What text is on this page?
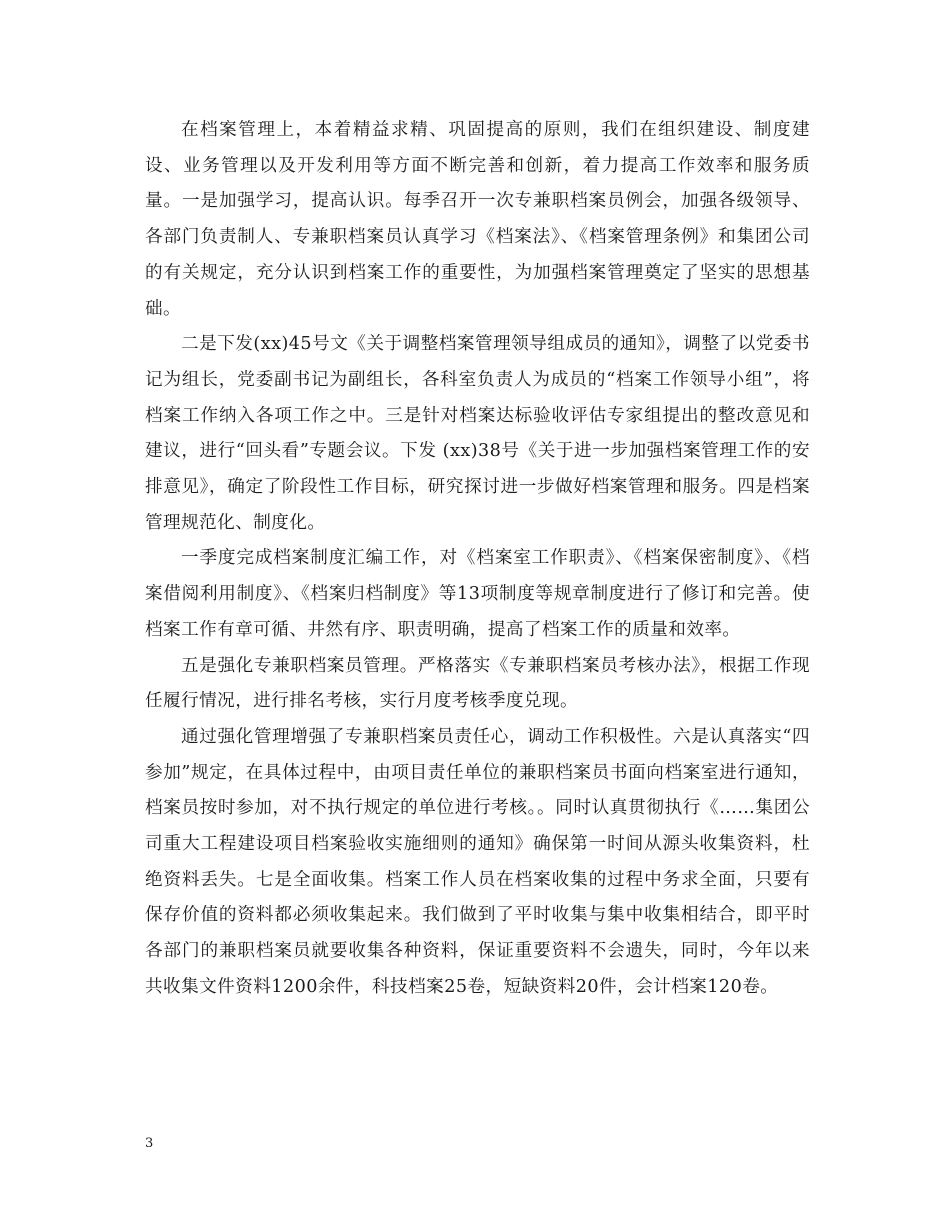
在档案管理上，本着精益求精、巩固提高的原则，我们在组织建设、制度建设、业务管理以及开发利用等方面不断完善和创新，着力提高工作效率和服务质量。一是加强学习，提高认识。每季召开一次专兼职档案员例会，加强各级领导、各部门负责制人、专兼职档案员认真学习《档案法》、《档案管理条例》和集团公司的有关规定，充分认识到档案工作的重要性，为加强档案管理奠定了坚实的思想基础。

二是下发(xx)45号文《关于调整档案管理领导组成员的通知》，调整了以党委书记为组长，党委副书记为副组长，各科室负责人为成员的“档案工作领导小组”，将档案工作纳入各项工作之中。三是针对档案达标验收评估专家组提出的整改意见和建议，进行“回头看”专题会议。下发 (xx)38号《关于进一步加强档案管理工作的安排意见》，确定了阶段性工作目标，研究探讨进一步做好档案管理和服务。四是档案管理规范化、制度化。

一季度完成档案制度汇编工作，对《档案室工作职责》、《档案保密制度》、《档案借阅利用制度》、《档案归档制度》等13项制度等规章制度进行了修订和完善。使档案工作有章可循、井然有序、职责明确，提高了档案工作的质量和效率。

五是强化专兼职档案员管理。严格落实《专兼职档案员考核办法》，根据工作现任履行情况，进行排名考核，实行月度考核季度兑现。

通过强化管理增强了专兼职档案员责任心，调动工作积极性。六是认真落实“四参加”规定，在具体过程中，由项目责任单位的兼职档案员书面向档案室进行通知，档案员按时参加，对不执行规定的单位进行考核。。同时认真贯彻执行《……集团公司重大工程建设项目档案验收实施细则的通知》确保第一时间从源头收集资料，杜绝资料丢失。七是全面收集。档案工作人员在档案收集的过程中务求全面，只要有保存价值的资料都必须收集起来。我们做到了平时收集与集中收集相结合，即平时各部门的兼职档案员就要收集各种资料，保证重要资料不会遗失，同时，今年以来共收集文件资料1200余件，科技档案25卷，短缺资料20件，会计档案120卷。

3
